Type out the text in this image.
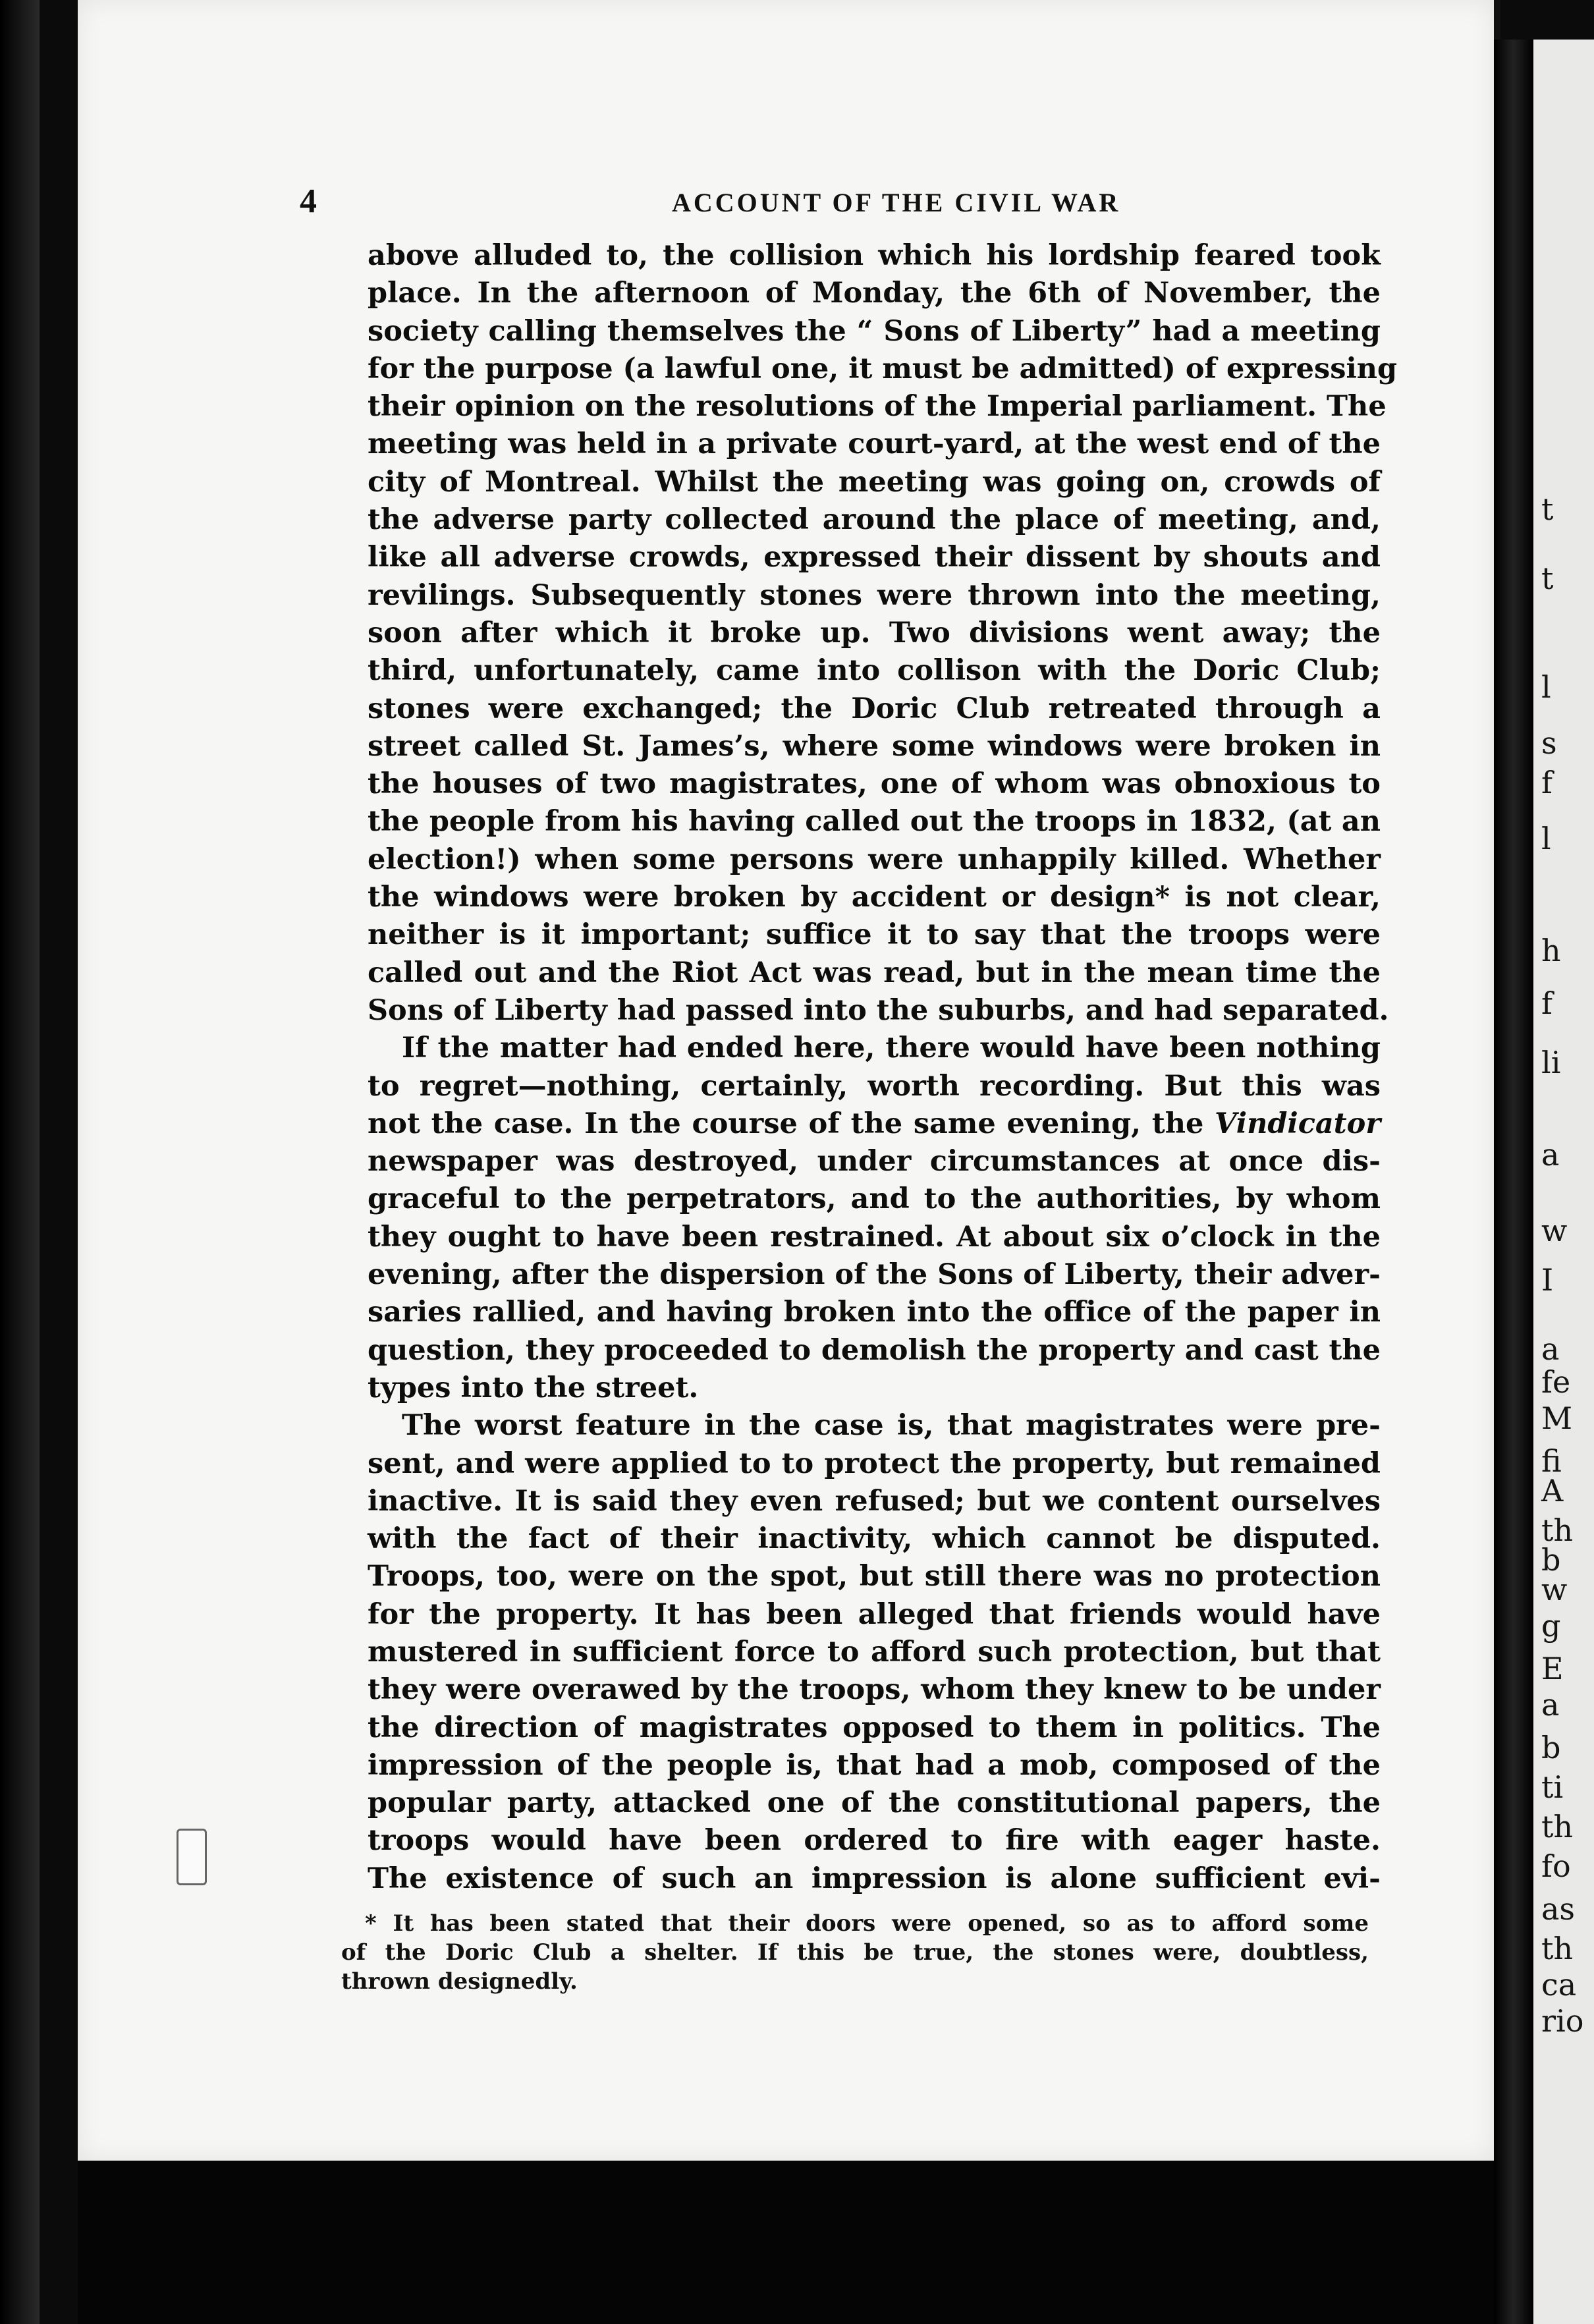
4	ACCOUNT OF THE CIVIL WAR
above alluded to, the collision which his lordship feared took
place. In the afternoon of Monday, the 6th of November, the
society calling themselves the “ Sons of Liberty” had a meeting
for the purpose (a lawful one, it must be admitted) of expressing
their opinion on the resolutions of the Imperial parliament. The
meeting was held in a private court-yard, at the west end of the
city of Montreal. Whilst the meeting was going on, crowds of
the adverse party collected around the place of meeting, and,
like all adverse crowds, expressed their dissent by shouts and
revilings. Subsequently stones were thrown into the meeting,
soon after which it broke up. Two divisions went away; the
third, unfortunately, came into collison with the Doric Club;
stones were exchanged; the Doric Club retreated through a
street called St. James’s, where some windows were broken in
the houses of two magistrates, one of whom was obnoxious to
the people from his having called out the troops in 1832, (at an
election!) when some persons were unhappily killed. Whether
the windows were broken by accident or design* is not clear,
neither is it important; suffice it to say that the troops were
called out and the Riot Act was read, but in the mean time the
Sons of Liberty had passed into the suburbs, and had separated.
If the matter had ended here, there would have been nothing
to regret—nothing, certainly, worth recording. But this was
not the case. In the course of the same evening, the Vindicator
newspaper was destroyed, under circumstances at once dis-
graceful to the perpetrators, and to the authorities, by whom
they ought to have been restrained. At about six o’clock in the
evening, after the dispersion of the Sons of Liberty, their adver-
saries rallied, and having broken into the office of the paper in
question, they proceeded to demolish the property and cast the
types into the street.
The worst feature in the case is, that magistrates were pre-
sent, and were applied to to protect the property, but remained
inactive. It is said they even refused; but we content ourselves
with the fact of their inactivity, which cannot be disputed.
Troops, too, were on the spot, but still there was no protection
for the property. It has been alleged that friends would have
mustered in sufficient force to afford such protection, but that
they were overawed by the troops, whom they knew to be under
the direction of magistrates opposed to them in politics. The
impression of the people is, that had a mob, composed of the
popular party, attacked one of the constitutional papers, the
troops would have been ordered to fire with eager haste.
The existence of such an impression is alone sufficient evi-
* It has been stated that their doors were opened, so as to afford some
of the Doric Club a shelter. If this be true, the stones were, doubtless,
thrown designedly.
t
t
l
s
f
l
h
f
li
a
w
I
a
fe
M
fi
A
th
b
w
g
E
a
b
ti
th
fo
as
th
ca
rio
